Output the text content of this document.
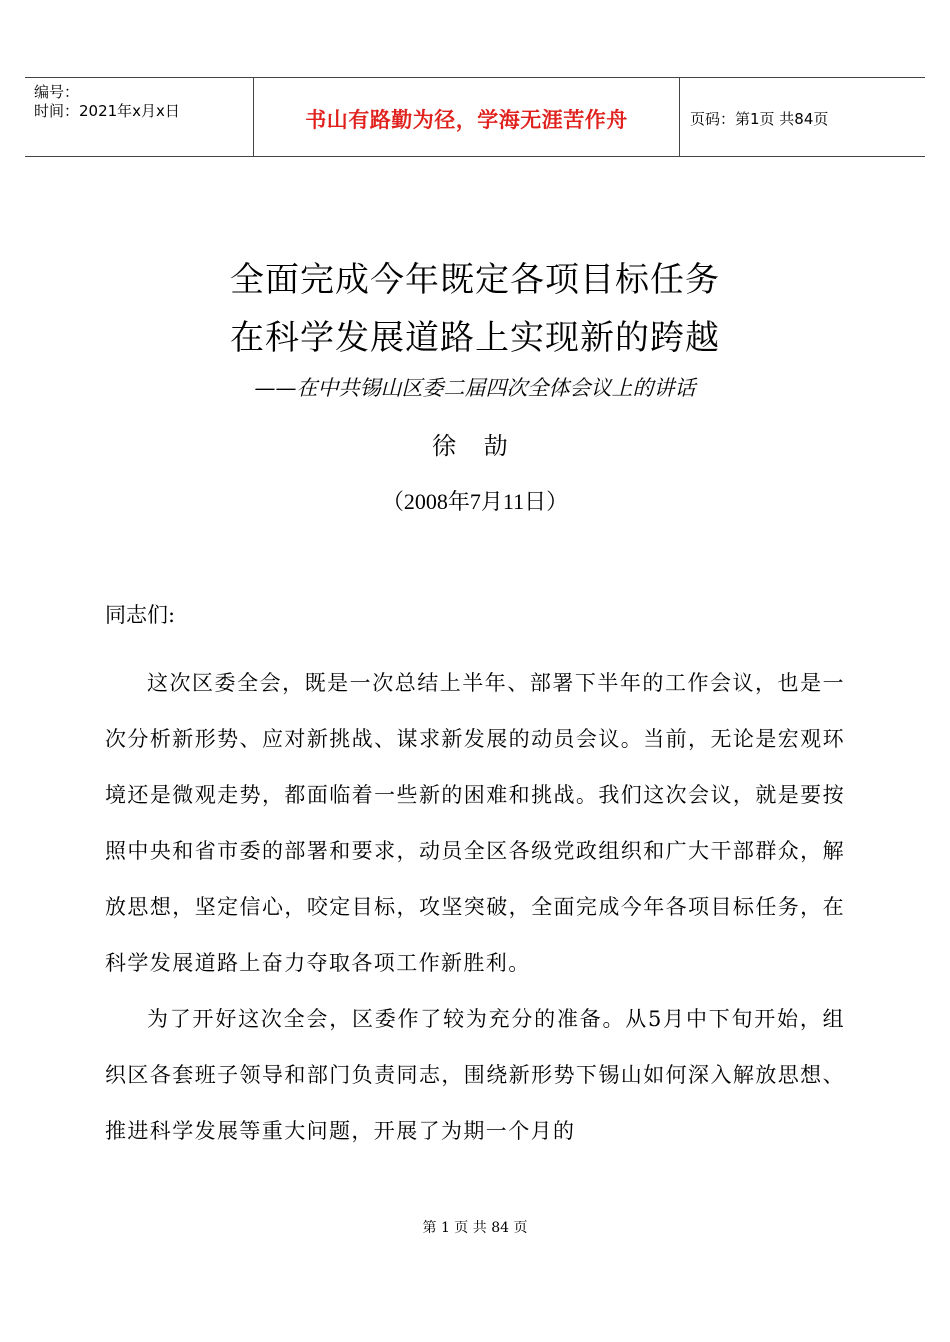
编号：
时间：2021年x月x日	书山有路勤为径，学海无涯苦作舟	页码：第1页 共84页
全面完成今年既定各项目标任务
在科学发展道路上实现新的跨越
——在中共锡山区委二届四次全体会议上的讲话
徐 劼
（2008年7月11日）

同志们:

这次区委全会，既是一次总结上半年、部署下半年的工作会议，也是一次分析新形势、应对新挑战、谋求新发展的动员会议。当前，无论是宏观环境还是微观走势，都面临着一些新的困难和挑战。我们这次会议，就是要按照中央和省市委的部署和要求，动员全区各级党政组织和广大干部群众，解放思想，坚定信心，咬定目标，攻坚突破，全面完成今年各项目标任务，在科学发展道路上奋力夺取各项工作新胜利。

为了开好这次全会，区委作了较为充分的准备。从5月中下旬开始，组织区各套班子领导和部门负责同志，围绕新形势下锡山如何深入解放思想、推进科学发展等重大问题，开展了为期一个月的

第 1 页 共 84 页
